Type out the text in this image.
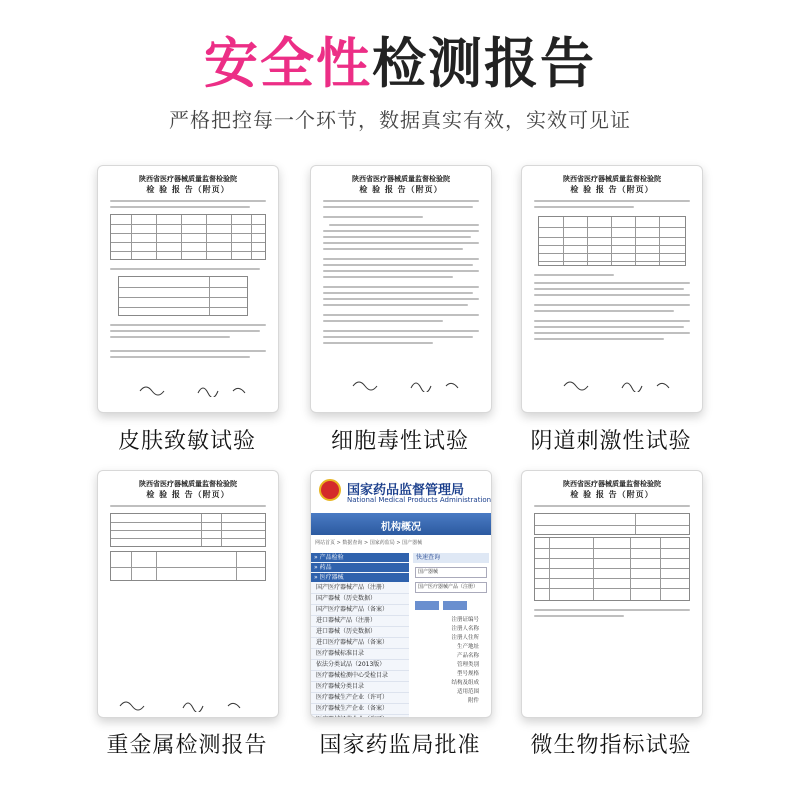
安全性检测报告
严格把控每一个环节，数据真实有效，实效可见证
陕西省医疗器械质量监督检验院
检 验 报 告（附页）
皮肤致敏试验
陕西省医疗器械质量监督检验院
检 验 报 告（附页）
细胞毒性试验
陕西省医疗器械质量监督检验院
检 验 报 告（附页）
阴道刺激性试验
陕西省医疗器械质量监督检验院
检 验 报 告（附页）
重金属检测报告
国家药品监督管理局
National Medical Products Administration
机构概况
网站首页 > 数据查询 > 国家药监局 > 国产器械
» 产品检验
» 药品
» 医疗器械
国产医疗器械产品（注册）
国产器械（历史数据）
国产医疗器械产品（备案）
进口器械产品（注册）
进口器械（历史数据）
进口医疗器械产品（备案）
医疗器械标准目录
依法分类试品（2013版）
医疗器械检测中心受检目录
医疗器械分类目录
医疗器械生产企业（许可）
医疗器械生产企业（备案）
快速查询
国产器械
国产医疗器械产品（注册）
注册证编号
注册人名称
注册人住所
生产地址
产品名称
管理类别
型号规格
结构及组成
适用范围
附件
国家药监局批准
陕西省医疗器械质量监督检验院
检 验 报 告（附页）
微生物指标试验
